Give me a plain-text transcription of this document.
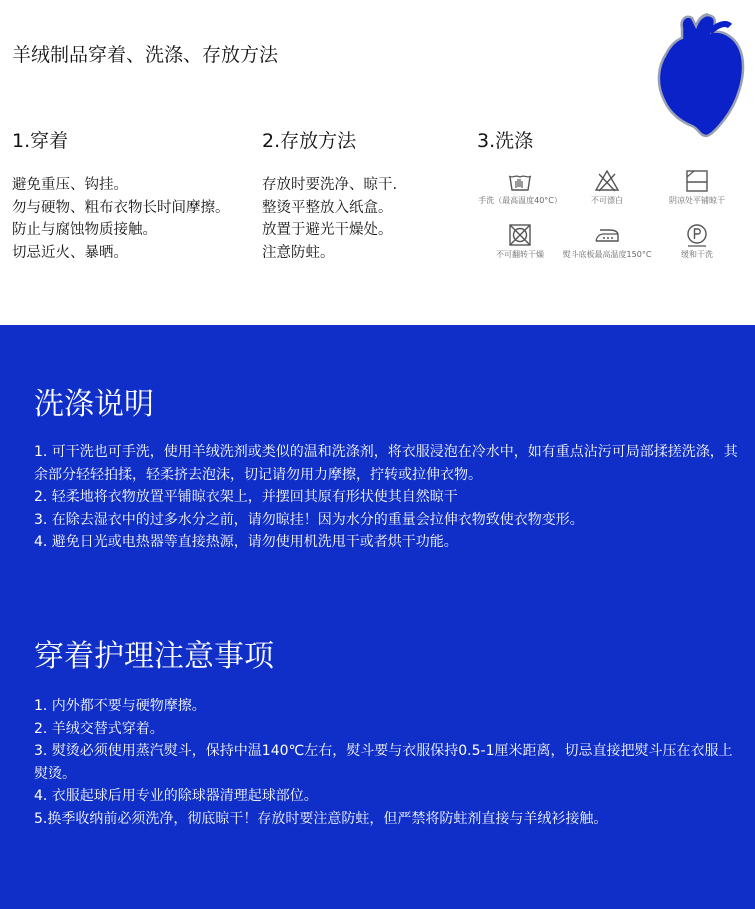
羊绒制品穿着、洗涤、存放方法
1.穿着
避免重压、钩挂。
勿与硬物、粗布衣物长时间摩擦。
防止与腐蚀物质接触。
切忌近火、暴晒。
2.存放方法
存放时要洗净、晾干.
整烫平整放入纸盒。
放置于避光干燥处。
注意防蛀。
3.洗涤
手洗（最高温度40°C）	不可漂白	阴凉处平铺晾干
不可翻转干燥	熨斗底板最高温度150°C	缓和干洗
洗涤说明
1. 可干洗也可手洗，使用羊绒洗剂或类似的温和洗涤剂，将衣服浸泡在冷水中，如有重点沾污可局部揉搓洗涤，其余部分轻轻拍揉，轻柔挤去泡沫，切记请勿用力摩擦，拧转或拉伸衣物。
2. 轻柔地将衣物放置平铺晾衣架上，并摆回其原有形状使其自然晾干
3. 在除去湿衣中的过多水分之前，请勿晾挂！因为水分的重量会拉伸衣物致使衣物变形。
4. 避免日光或电热器等直接热源，请勿使用机洗甩干或者烘干功能。
穿着护理注意事项
1. 内外都不要与硬物摩擦。
2. 羊绒交替式穿着。
3. 熨烫必须使用蒸汽熨斗，保持中温140℃左右，熨斗要与衣服保持0.5-1厘米距离，切忌直接把熨斗压在衣服上熨烫。
4. 衣服起球后用专业的除球器清理起球部位。
5.换季收纳前必须洗净，彻底晾干！存放时要注意防蛀，但严禁将防蛀剂直接与羊绒衫接触。
